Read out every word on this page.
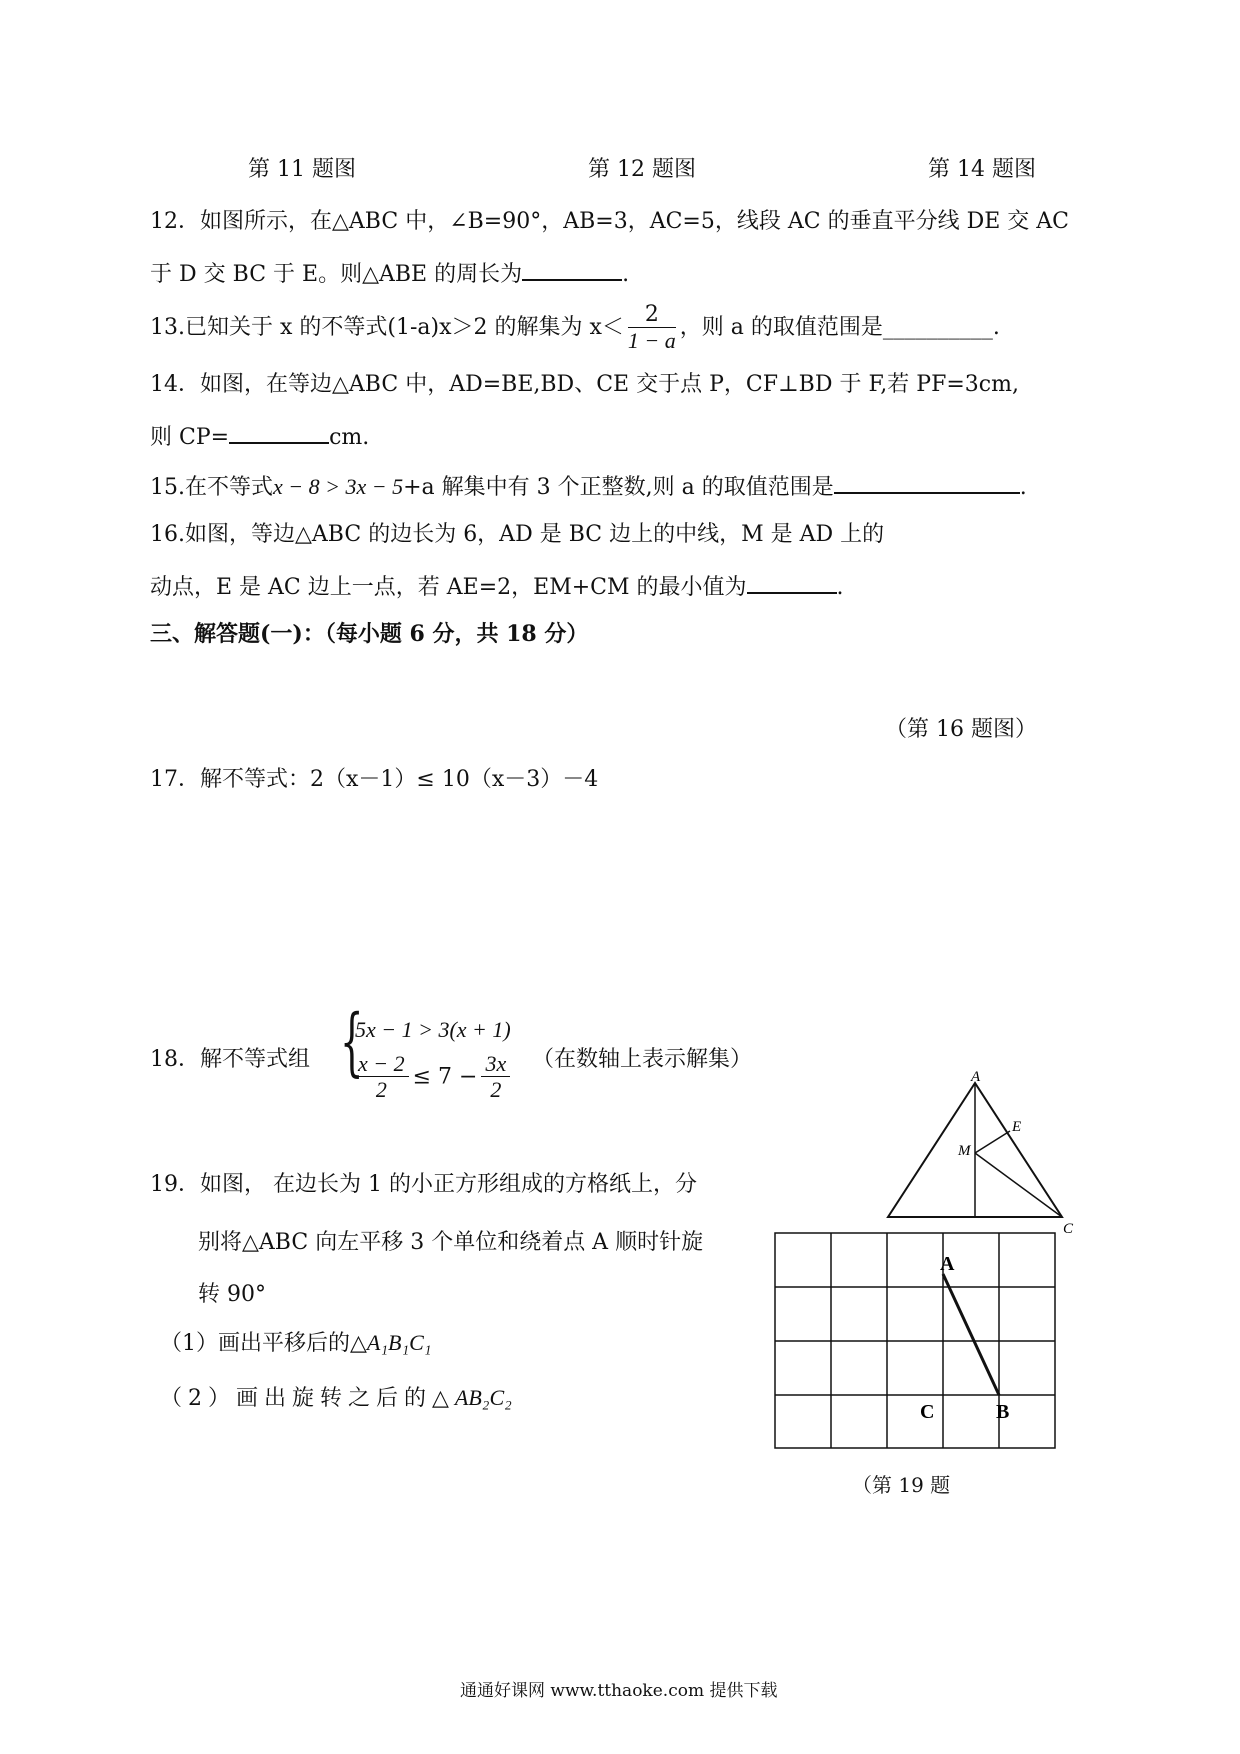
第 11 题图	第 12 题图	第 14 题图
12．如图所示，在△ABC 中，∠B=90°，AB=3，AC=5，线段 AC 的垂直平分线 DE 交 AC
于 D 交 BC 于 E。则△ABE 的周长为	.
13.已知关于 x 的不等式(1-a)x＞2 的解集为 $x< \frac{2}{1 - a}$ ，则 a 的取值范围是__________.
14．如图，在等边△ABC 中，AD=BE,BD、CE 交于点 P，CF⊥BD 于 F,若 PF=3cm,
则 CP=	cm.
15.在不等式x − 8 > 3x − 5+a 解集中有 3 个正整数,则 a 的取值范围是	.
16.如图，等边△ABC 的边长为 6，AD 是 BC 边上的中线，M 是 AD 上的
动点，E 是 AC 边上一点，若 AE=2，EM+CM 的最小值为	.
三、解答题(一)：（每小题 6 分，共 18 分）
（第 16 题图）
17．解不等式：2（x－1）≤ 10（x－3）－4
18．解不等式组 {
5x − 1 > 3(x + 1)
$\frac{x - 2}{2} \le 7 - \frac{3x}{2}$ （在数轴上表示解集）
A
E
M
C
19．如图， 在边长为 1 的小正方形组成的方格纸上，分
别将△ABC 向左平移 3 个单位和绕着点 A 顺时针旋
转 90°
（1）画出平移后的△A₁B₁C₁
（2）画出旋转之后的△AB₂C₂
A
C	B
（第 19 题
通通好课网 www.tthaoke.com 提供下载
